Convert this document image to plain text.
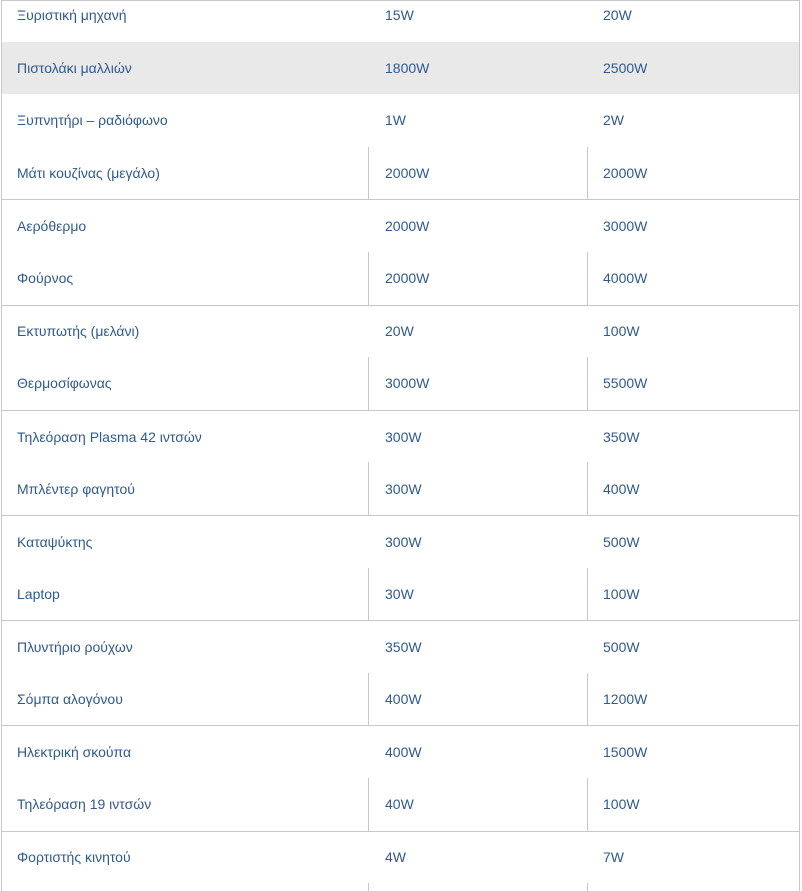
Ξυριστική μηχανή	15W	20W
Πιστολάκι μαλλιών	1800W	2500W
Ξυπνητήρι – ραδιόφωνο	1W	2W
Μάτι κουζίνας (μεγάλο)	2000W	2000W
Αερόθερμο	2000W	3000W
Φούρνος	2000W	4000W
Εκτυπωτής (μελάνι)	20W	100W
Θερμοσίφωνας	3000W	5500W
Τηλεόραση Plasma 42 ιντσών	300W	350W
Μπλέντερ φαγητού	300W	400W
Καταψύκτης	300W	500W
Laptop	30W	100W
Πλυντήριο ρούχων	350W	500W
Σόμπα αλογόνου	400W	1200W
Ηλεκτρική σκούπα	400W	1500W
Τηλεόραση 19 ιντσών	40W	100W
Φορτιστής κινητού	4W	7W
